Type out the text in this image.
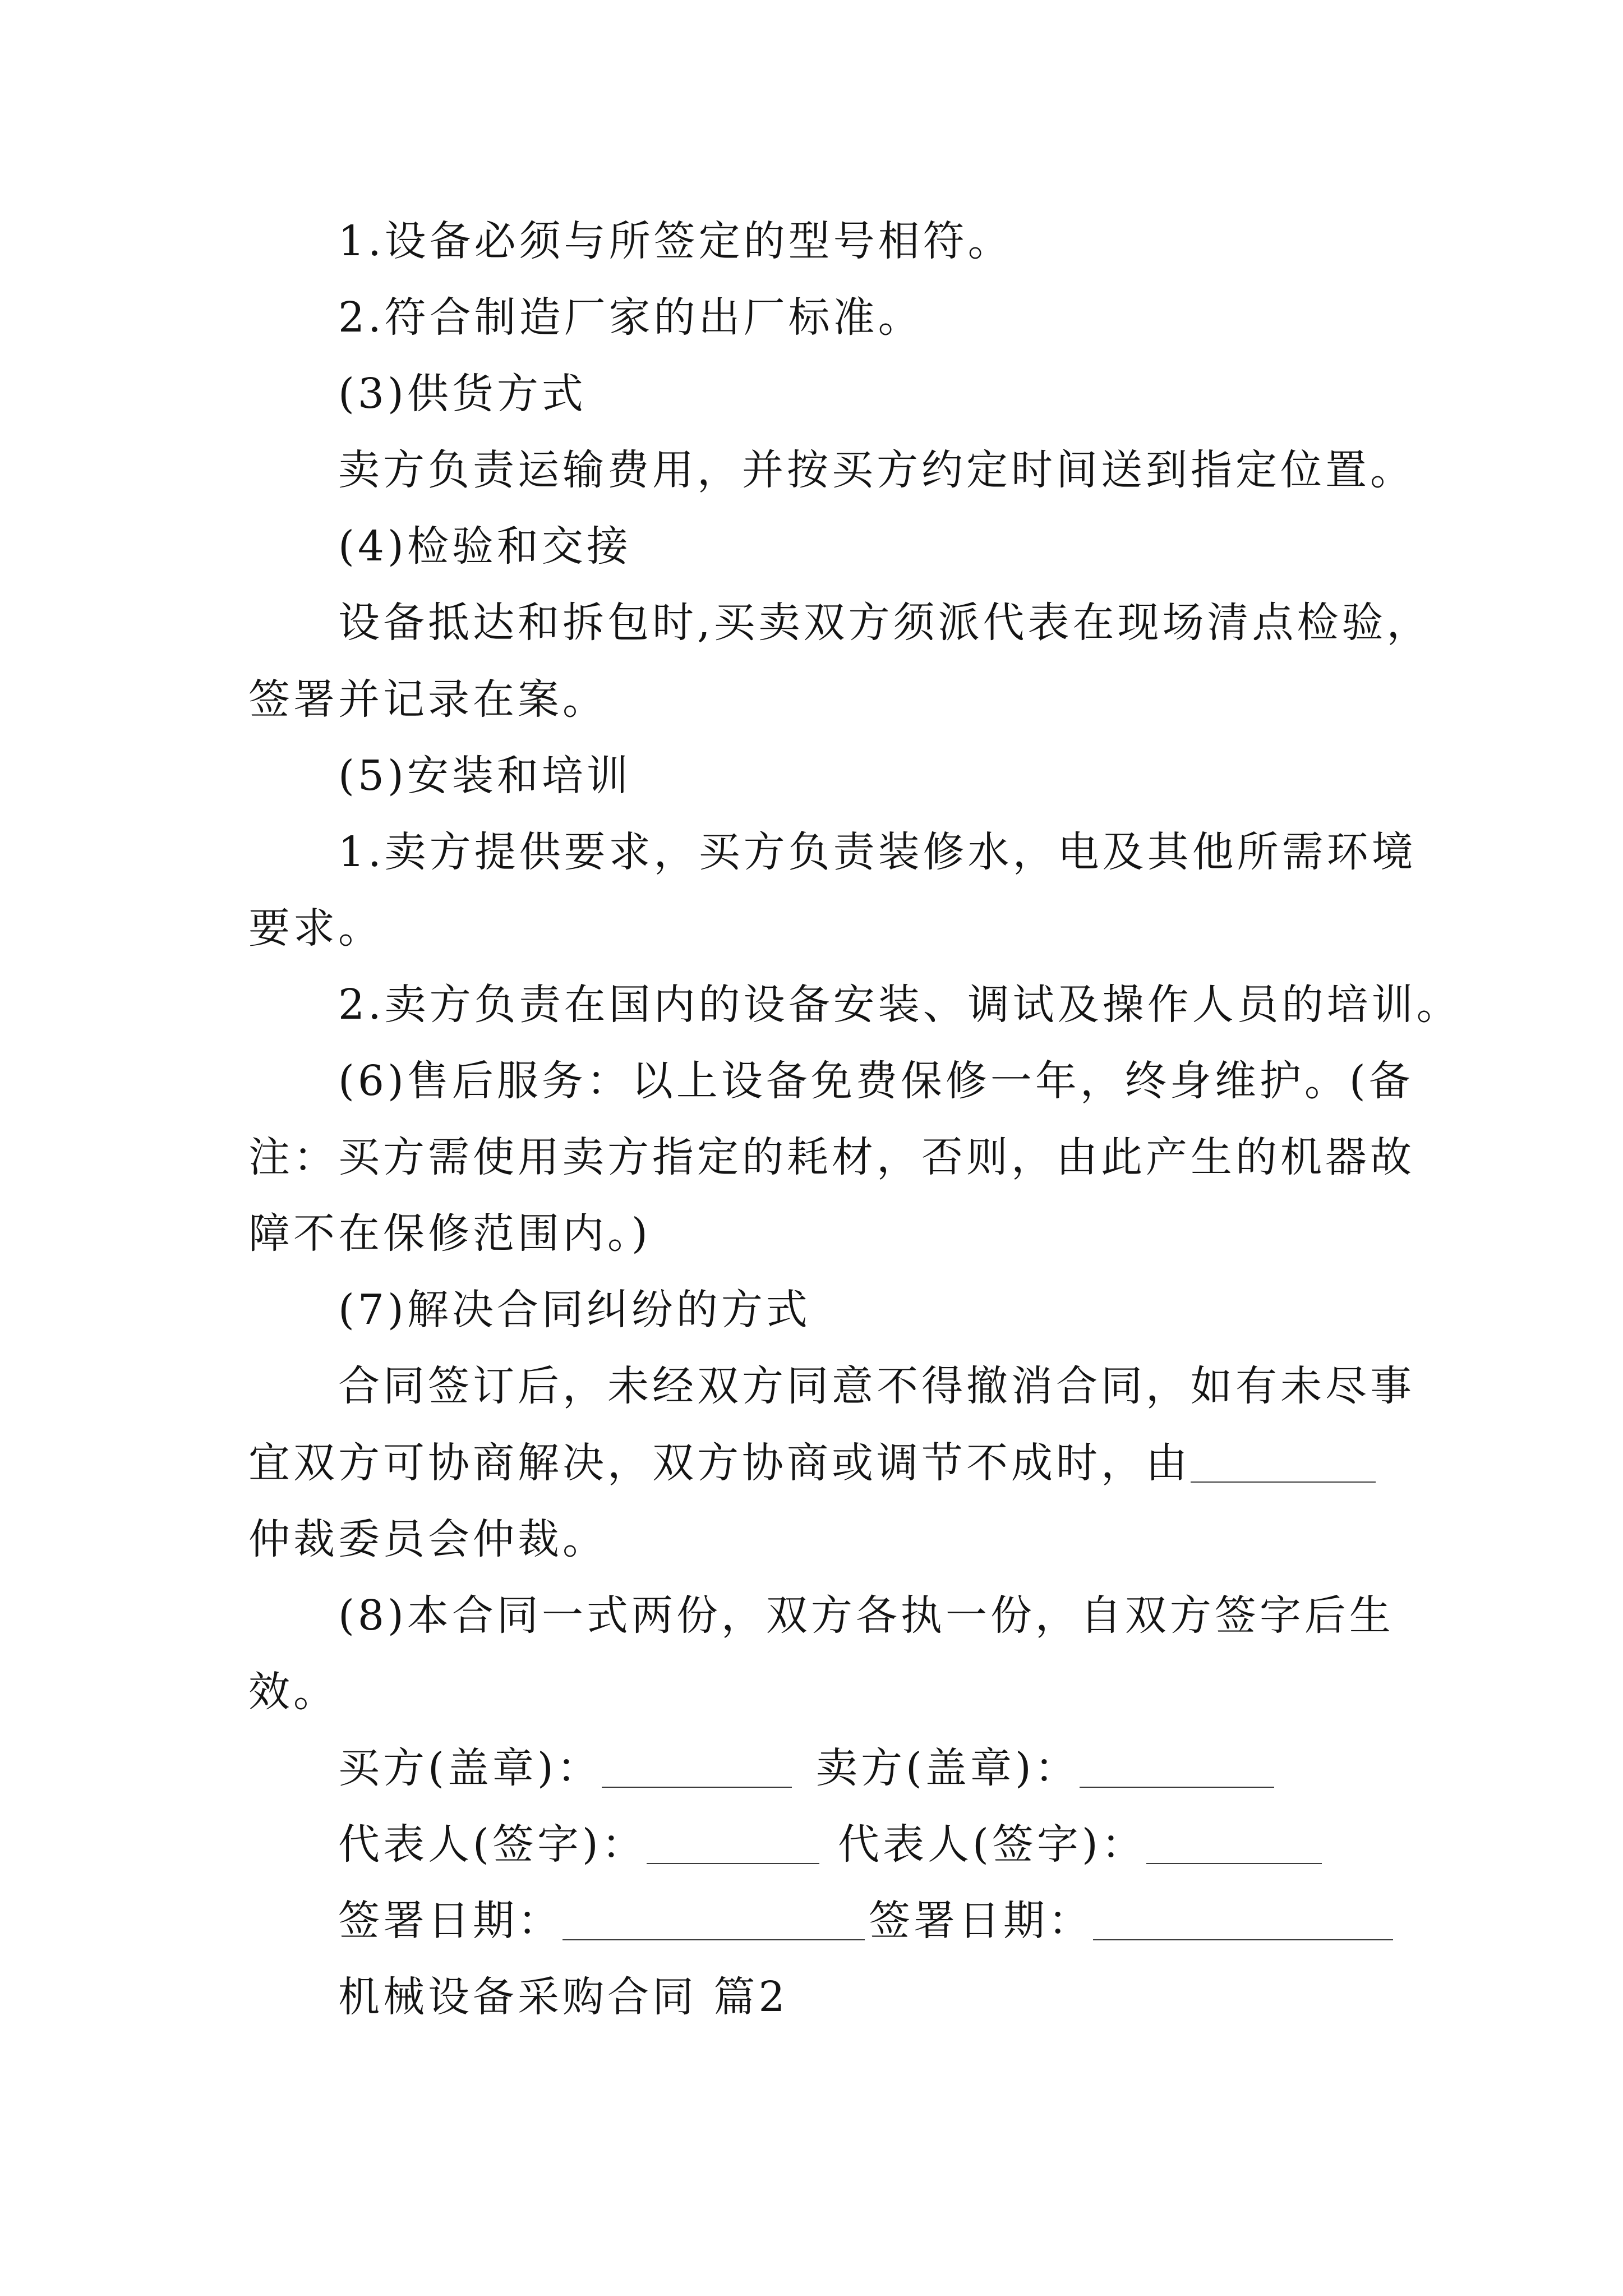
1.设备必须与所签定的型号相符。
2.符合制造厂家的出厂标准。
(3)供货方式
卖方负责运输费用，并按买方约定时间送到指定位置。
(4)检验和交接
设备抵达和拆包时,买卖双方须派代表在现场清点检验，
签署并记录在案。
(5)安装和培训
1.卖方提供要求，买方负责装修水，电及其他所需环境
要求。
2.卖方负责在国内的设备安装、调试及操作人员的培训。
(6)售后服务：以上设备免费保修一年，终身维护。(备
注：买方需使用卖方指定的耗材，否则，由此产生的机器故
障不在保修范围内。)
(7)解决合同纠纷的方式
合同签订后，未经双方同意不得撤消合同，如有未尽事
宜双方可协商解决，双方协商或调节不成时，由
仲裁委员会仲裁。
(8)本合同一式两份，双方各执一份，自双方签字后生
效。
买方(盖章)：	卖方(盖章)：
代表人(签字)：	代表人(签字)：
签署日期：	签署日期：
机械设备采购合同 篇2
